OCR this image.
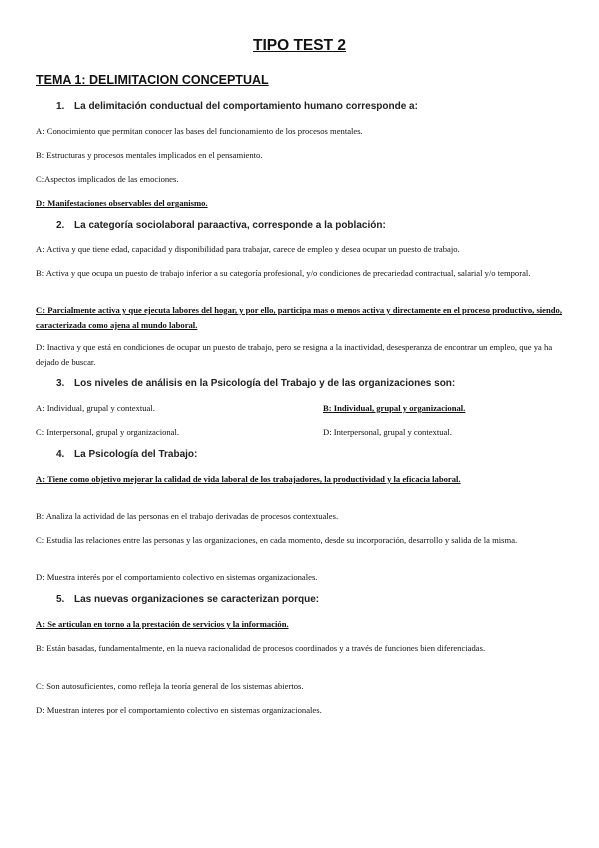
TIPO TEST 2
TEMA 1: DELIMITACION CONCEPTUAL
1. La delimitación conductual del comportamiento humano corresponde a:
A: Conocimiento que permitan conocer las bases del funcionamiento de los procesos mentales.
B: Estructuras y procesos mentales implicados en el pensamiento.
C:Aspectos implicados de las emociones.
D: Manifestaciones observables del organismo.
2. La categoría sociolaboral paraactiva, corresponde a la población:
A: Activa y que tiene edad, capacidad y disponibilidad para trabajar, carece de empleo y desea ocupar un puesto de trabajo.
B: Activa y que ocupa un puesto de trabajo inferior a su categoría profesional, y/o condiciones de precariedad contractual, salarial y/o temporal.
C: Parcialmente activa y que ejecuta labores del hogar, y por ello, participa mas o menos activa y directamente en el proceso productivo, siendo, caracterizada como ajena al mundo laboral.
D: Inactiva y que está en condiciones de ocupar un puesto de trabajo, pero se resigna a la inactividad, desesperanza de encontrar un empleo, que ya ha dejado de buscar.
3. Los niveles de análisis en la Psicología del Trabajo y de las organizaciones son:
A: Individual, grupal y contextual.	B: Individual, grupal y organizacional.
C: Interpersonal, grupal y organizacional.	D: Interpersonal, grupal y contextual.
4. La Psicología del Trabajo:
A: Tiene como objetivo mejorar la calidad de vida laboral de los trabajadores, la productividad y la eficacia laboral.
B: Analiza la actividad de las personas en el trabajo derivadas de procesos contextuales.
C: Estudia las relaciones entre las personas y las organizaciones, en cada momento, desde su incorporación, desarrollo y salida de la misma.
D: Muestra interés por el comportamiento colectivo en sistemas organizacionales.
5. Las nuevas organizaciones se caracterizan porque:
A: Se articulan en torno a la prestación de servicios y la información.
B: Están basadas, fundamentalmente, en la nueva racionalidad de procesos coordinados y a través de funciones bien diferenciadas.
C: Son autosuficientes, como refleja la teoría general de los sistemas abiertos.
D: Muestran interes por el comportamiento colectivo en sistemas organizacionales.
